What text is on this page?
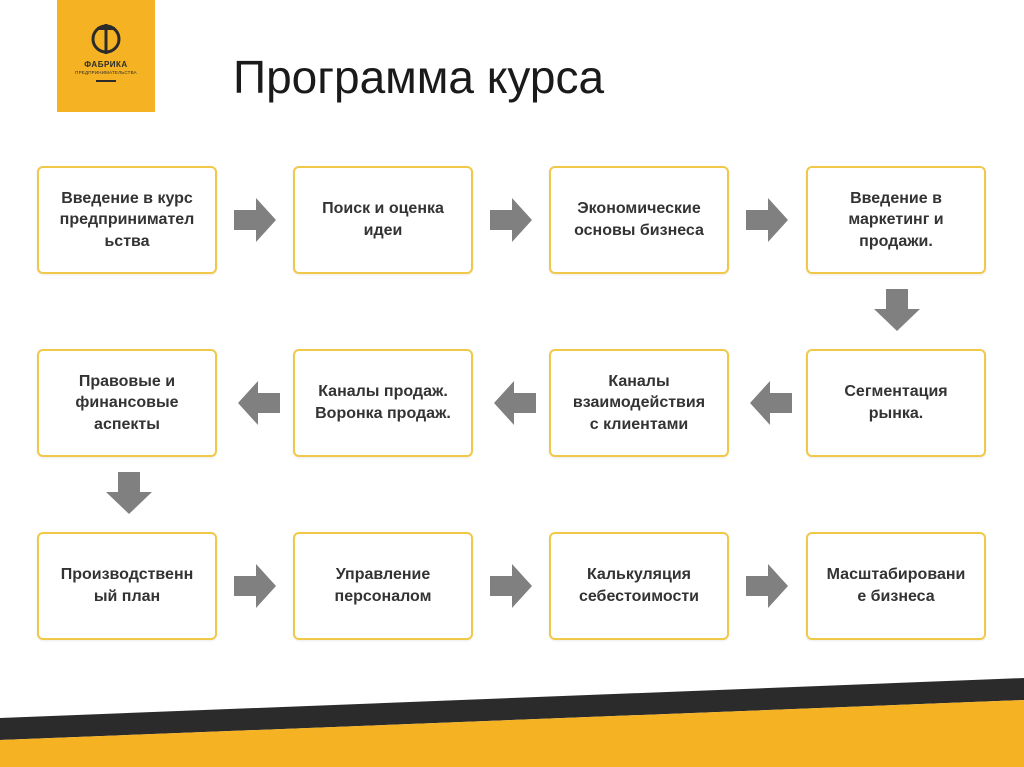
ФАБРИКА
ПРЕДПРИНИМАТЕЛЬСТВА Программа курса
Введение в курс
предпринимател
ьства
Поиск и оценка
идеи
Экономические
основы бизнеса
Введение в
маркетинг и
продажи.
Правовые и
финансовые
аспекты
Каналы продаж.
Воронка продаж.
Каналы
взаимодействия
с клиентами
Сегментация
рынка.
Производственн
ый план
Управление
персоналом
Калькуляция
себестоимости
Масштабировани
е бизнеса
